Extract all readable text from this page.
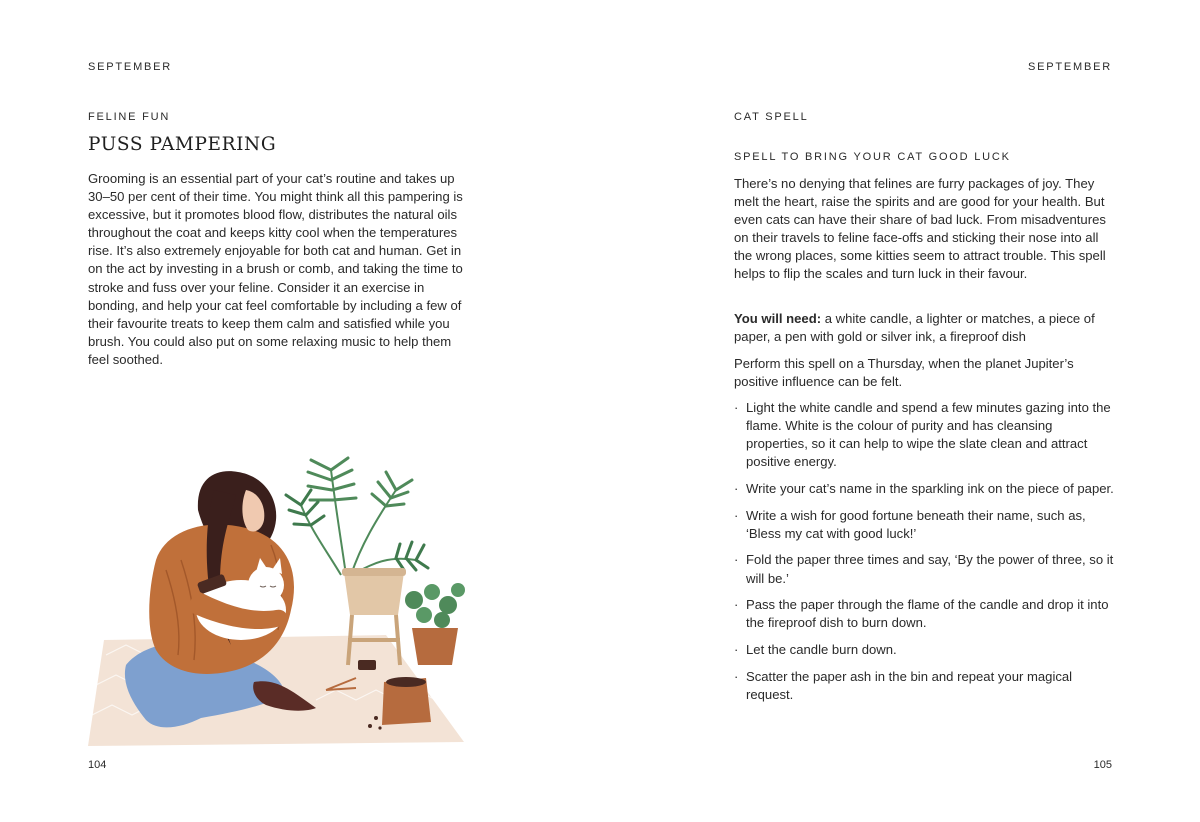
SEPTEMBER
FELINE FUN
PUSS PAMPERING

Grooming is an essential part of your cat’s routine and takes up 30–50 per cent of their time. You might think all this pampering is excessive, but it promotes blood flow, distributes the natural oils throughout the coat and keeps kitty cool when the temperatures rise. It’s also extremely enjoyable for both cat and human. Get in on the act by investing in a brush or comb, and taking the time to stroke and fuss over your feline. Consider it an exercise in bonding, and help your cat feel comfortable by including a few of their favourite treats to keep them calm and satisfied while you brush. You could also put on some relaxing music to help them feel soothed.

104
SEPTEMBER
CAT SPELL
SPELL TO BRING YOUR CAT GOOD LUCK

There’s no denying that felines are furry packages of joy. They melt the heart, raise the spirits and are good for your health. But even cats can have their share of bad luck. From misadventures on their travels to feline face-offs and sticking their nose into all the wrong places, some kitties seem to attract trouble. This spell helps to flip the scales and turn luck in their favour.

You will need: a white candle, a lighter or matches, a piece of paper, a pen with gold or silver ink, a fireproof dish

Perform this spell on a Thursday, when the planet Jupiter’s positive influence can be felt.

· Light the white candle and spend a few minutes gazing into the flame. White is the colour of purity and has cleansing properties, so it can help to wipe the slate clean and attract positive energy.
· Write your cat’s name in the sparkling ink on the piece of paper.
· Write a wish for good fortune beneath their name, such as, ‘Bless my cat with good luck!’
· Fold the paper three times and say, ‘By the power of three, so it will be.’
· Pass the paper through the flame of the candle and drop it into the fireproof dish to burn down.
· Let the candle burn down.
· Scatter the paper ash in the bin and repeat your magical request.
105
